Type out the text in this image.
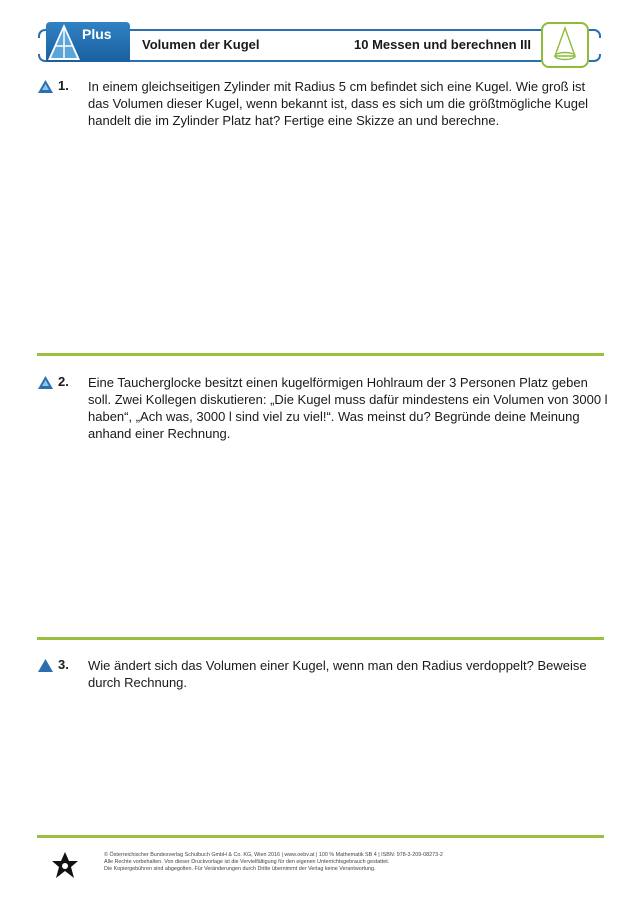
Plus
Volumen der Kugel	10 Messen und berechnen III
1. In einem gleichseitigen Zylinder mit Radius 5 cm befindet sich eine Kugel. Wie groß ist das Volumen dieser Kugel, wenn bekannt ist, dass es sich um die größtmögliche Kugel handelt die im Zylinder Platz hat? Fertige eine Skizze an und berechne.
2. Eine Taucherglocke besitzt einen kugelförmigen Hohlraum der 3 Personen Platz geben soll. Zwei Kollegen diskutieren: „Die Kugel muss dafür mindestens ein Volumen von 3000 l haben“, „Ach was, 3000 l sind viel zu viel!“. Was meinst du? Begründe deine Meinung anhand einer Rechnung.
3. Wie ändert sich das Volumen einer Kugel, wenn man den Radius verdoppelt? Beweise durch Rechnung.
© Österreichischer Bundesverlag Schulbuch GmbH & Co. KG, Wien 2016 | www.oebv.at | 100 % Mathematik SB 4 | ISBN: 978-3-209-08273-2
Alle Rechte vorbehalten. Von dieser Druckvorlage ist die Vervielfältigung für den eigenen Unterrichtsgebrauch gestattet.
Die Kopiergebühren sind abgegolten. Für Veränderungen durch Dritte übernimmt der Verlag keine Verantwortung.
